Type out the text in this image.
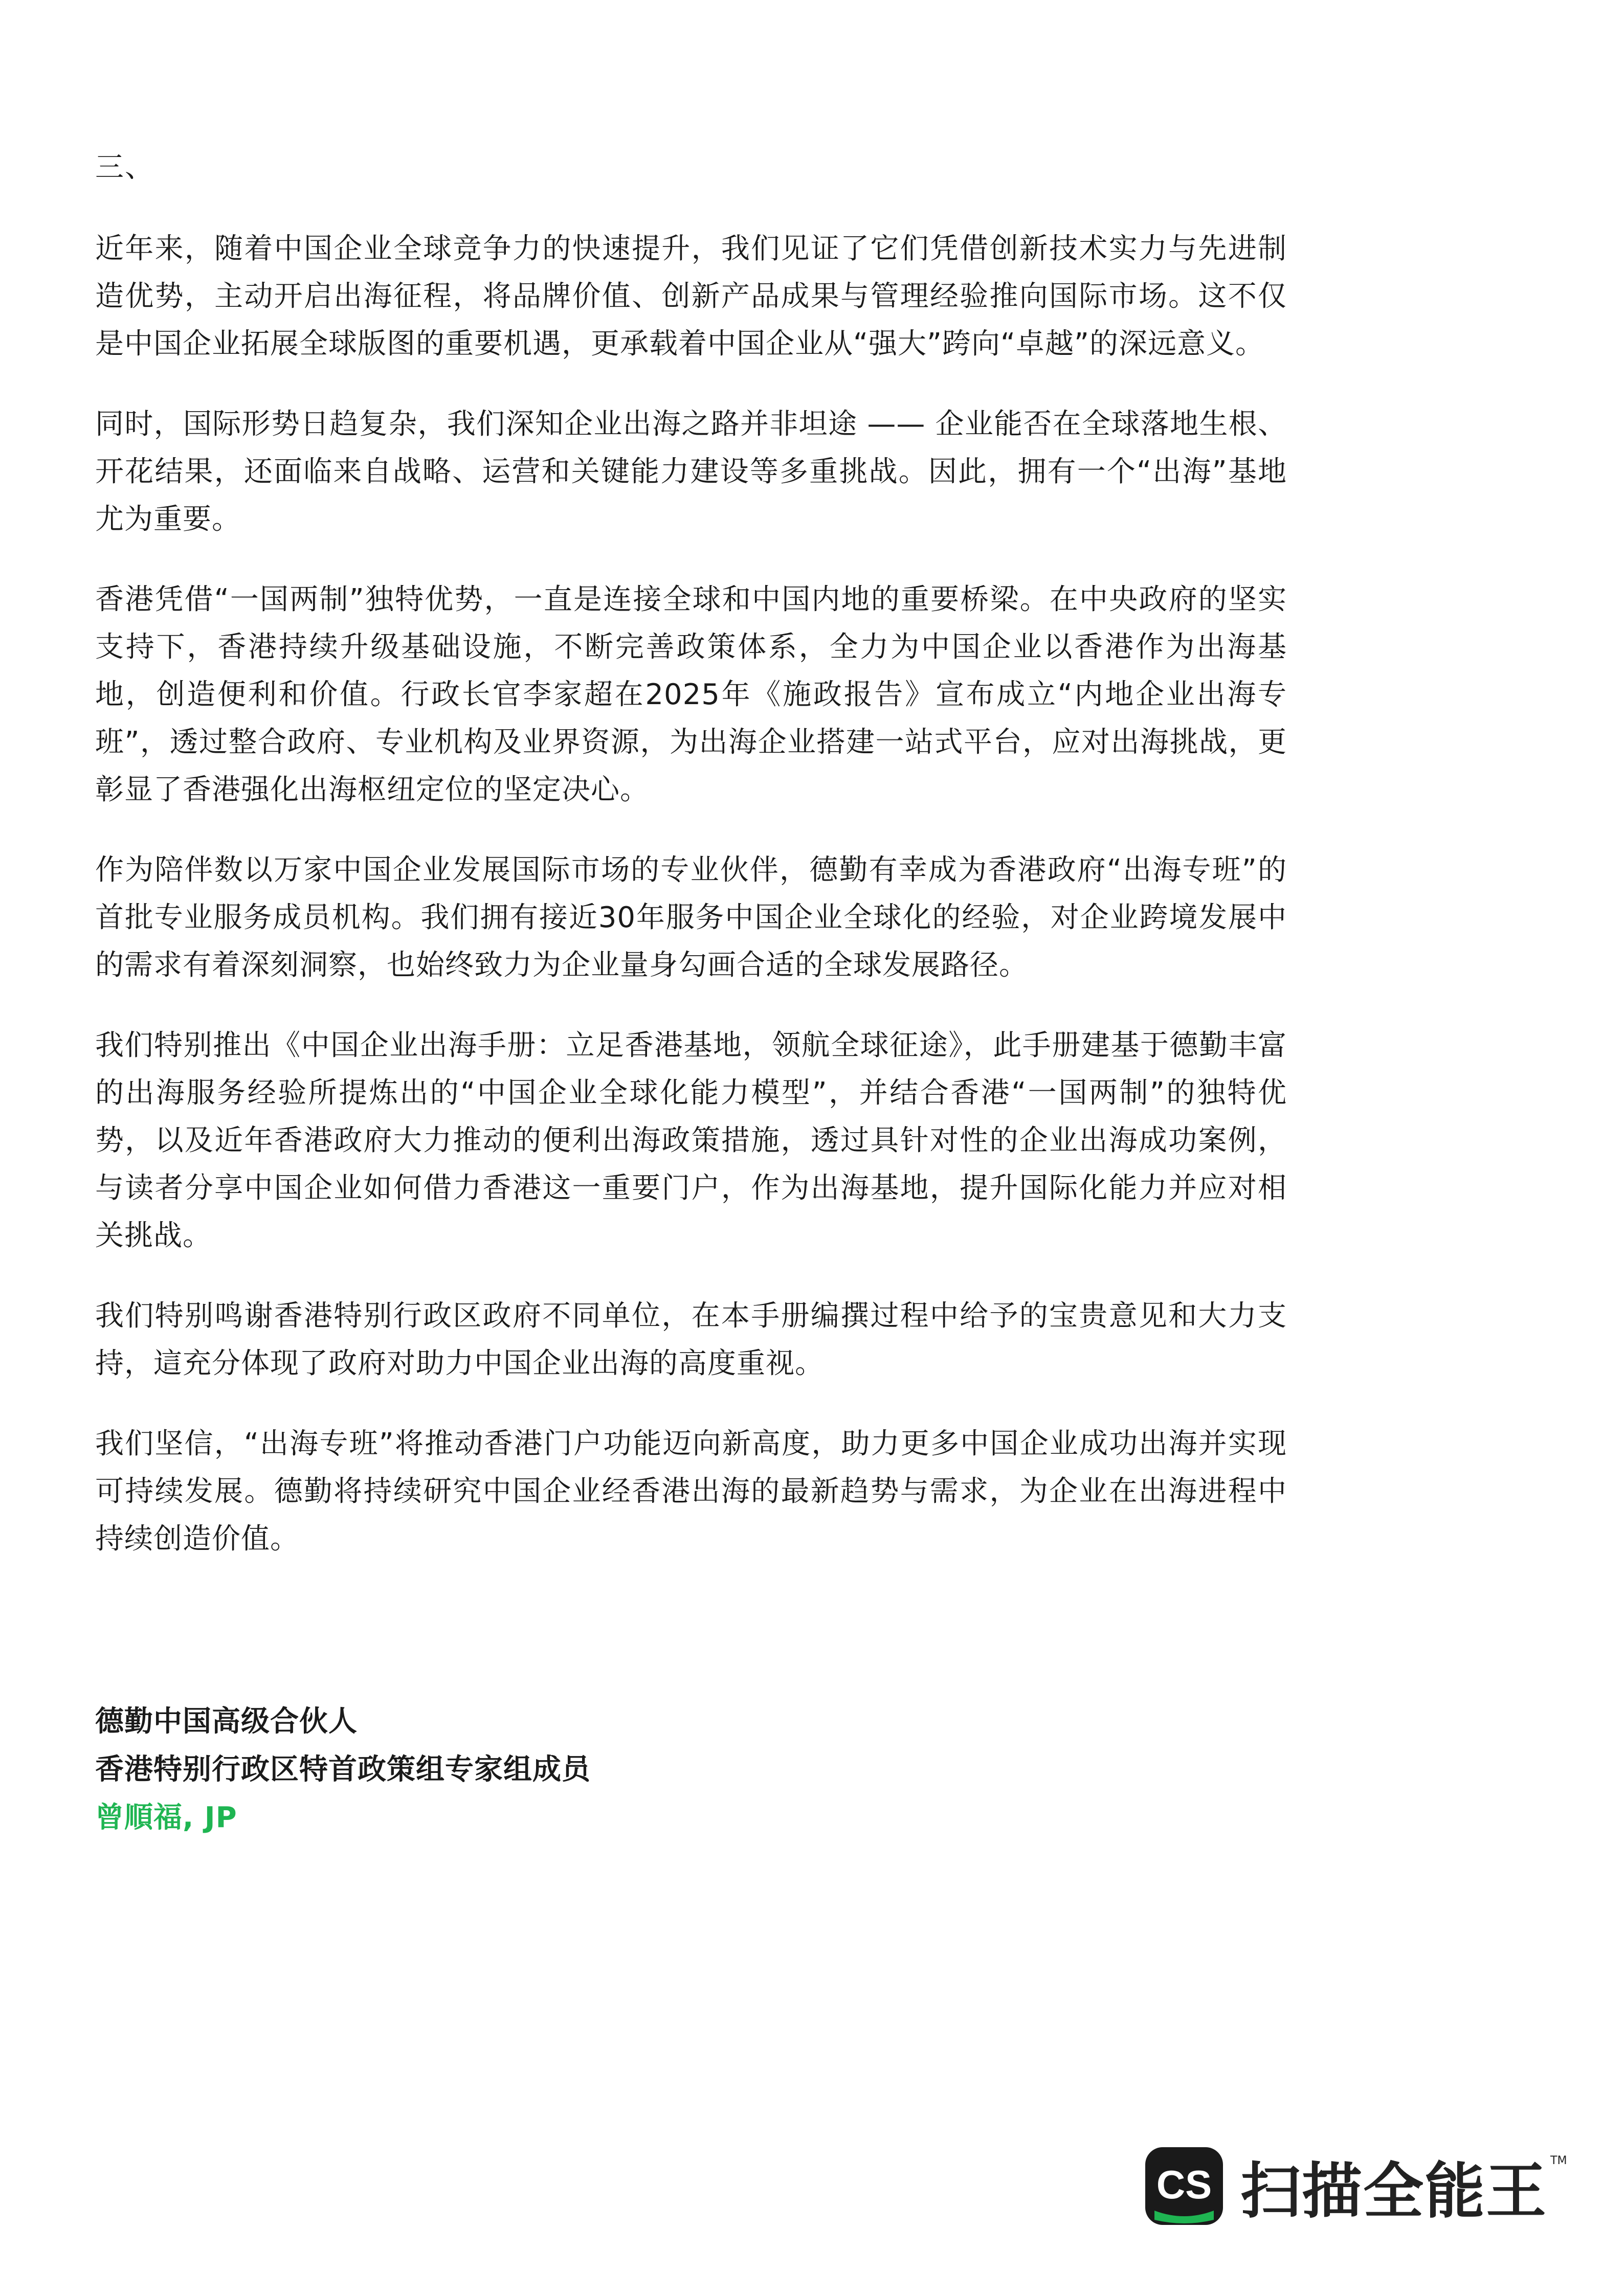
三、

近年来，随着中国企业全球竞争力的快速提升，我们见证了它们凭借创新技术实力与先进制造优势，主动开启出海征程，将品牌价值、创新产品成果与管理经验推向国际市场。这不仅是中国企业拓展全球版图的重要机遇，更承载着中国企业从“强大”跨向“卓越”的深远意义。

同时，国际形势日趋复杂，我们深知企业出海之路并非坦途 —— 企业能否在全球落地生根、开花结果，还面临来自战略、运营和关键能力建设等多重挑战。因此，拥有一个“出海”基地尤为重要。

香港凭借“一国两制”独特优势，一直是连接全球和中国内地的重要桥梁。在中央政府的坚实支持下，香港持续升级基础设施，不断完善政策体系，全力为中国企业以香港作为出海基地，创造便利和价值。行政长官李家超在2025年《施政报告》宣布成立“内地企业出海专班”，透过整合政府、专业机构及业界资源，为出海企业搭建一站式平台，应对出海挑战，更彰显了香港强化出海枢纽定位的坚定决心。

作为陪伴数以万家中国企业发展国际市场的专业伙伴，德勤有幸成为香港政府“出海专班”的首批专业服务成员机构。我们拥有接近30年服务中国企业全球化的经验，对企业跨境发展中的需求有着深刻洞察，也始终致力为企业量身勾画合适的全球发展路径。

我们特别推出《中国企业出海手册：立足香港基地，领航全球征途》，此手册建基于德勤丰富的出海服务经验所提炼出的“中国企业全球化能力模型”，并结合香港“一国两制”的独特优势，以及近年香港政府大力推动的便利出海政策措施，透过具针对性的企业出海成功案例，与读者分享中国企业如何借力香港这一重要门户，作为出海基地，提升国际化能力并应对相关挑战。

我们特别鸣谢香港特别行政区政府不同单位，在本手册编撰过程中给予的宝贵意见和大力支持，這充分体现了政府对助力中国企业出海的高度重视。

我们坚信，“出海专班”将推动香港门户功能迈向新高度，助力更多中国企业成功出海并实现可持续发展。德勤将持续研究中国企业经香港出海的最新趋势与需求，为企业在出海进程中持续创造价值。

德勤中国高级合伙人
香港特别行政区特首政策组专家组成员
曾順福, JP
CS 扫描全能王 TM
